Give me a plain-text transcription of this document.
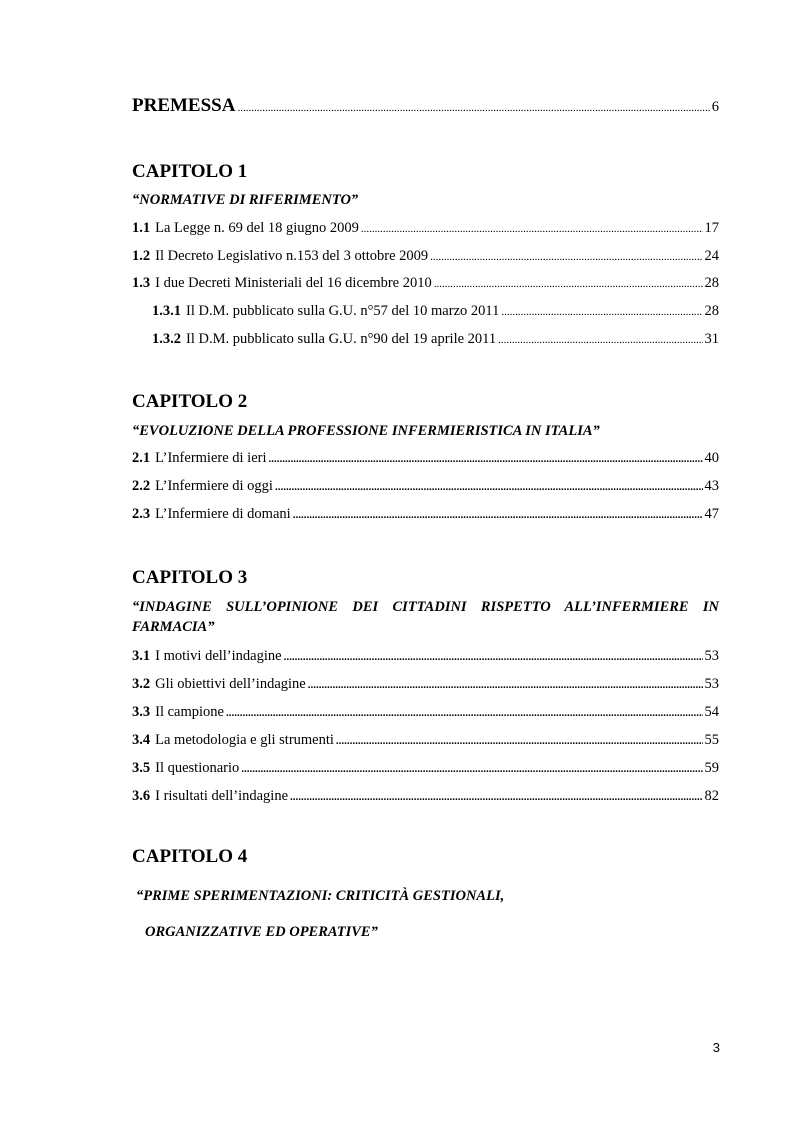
PREMESSA .....	6
CAPITOLO 1
“NORMATIVE DI RIFERIMENTO”
1.1 La Legge n. 69 del 18 giugno 2009 .....	17
1.2 Il Decreto Legislativo n.153 del 3 ottobre 2009 .....	24
1.3 I due Decreti Ministeriali del 16 dicembre 2010 .....	28
1.3.1 Il D.M. pubblicato sulla G.U. n°57 del 10 marzo 2011 .....	28
1.3.2 Il D.M. pubblicato sulla G.U. n°90 del 19 aprile 2011 .....	31
CAPITOLO 2
“EVOLUZIONE DELLA PROFESSIONE INFERMIERISTICA IN ITALIA”
2.1 L’Infermiere di ieri .....	40
2.2 L’Infermiere di oggi .....	43
2.3 L’Infermiere di domani .....	47
CAPITOLO 3
“INDAGINE SULL’OPINIONE DEI CITTADINI RISPETTO ALL’INFERMIERE IN FARMACIA”
3.1 I motivi dell’indagine .....	53
3.2 Gli obiettivi dell’indagine .....	53
3.3 Il campione .....	54
3.4 La metodologia e gli strumenti .....	55
3.5 Il questionario .....	59
3.6 I risultati dell’indagine .....	82
CAPITOLO 4
“PRIME SPERIMENTAZIONI: CRITICITÀ GESTIONALI,
ORGANIZZATIVE ED OPERATIVE”
3
